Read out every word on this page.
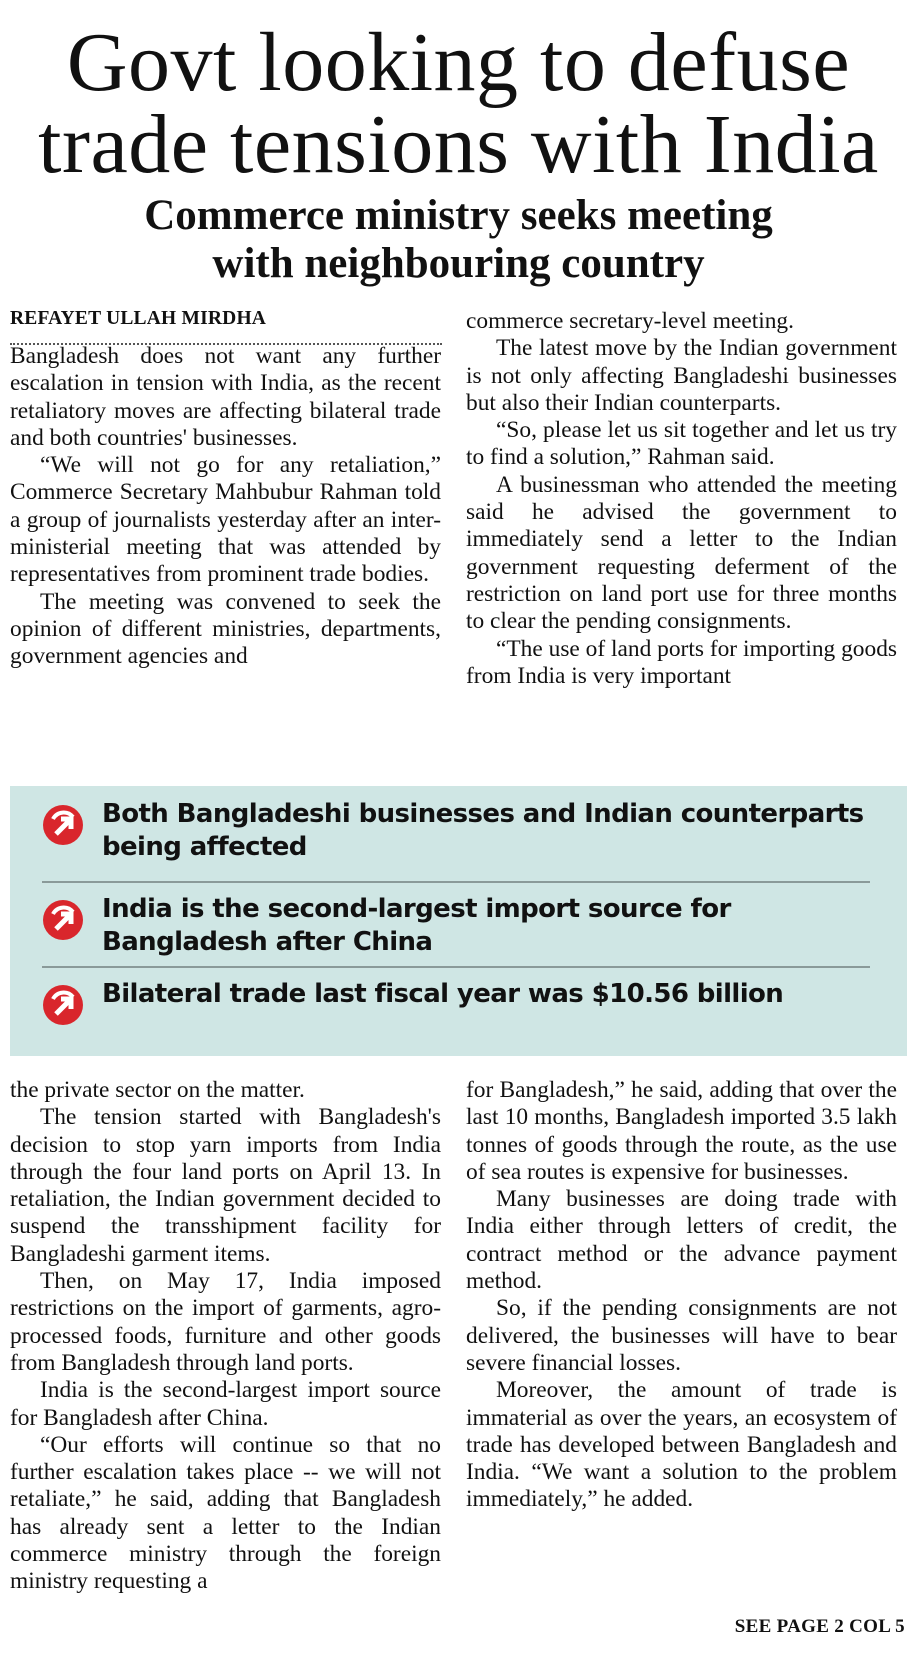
Govt looking to defuse
trade tensions with India
Commerce ministry seeks meeting
with neighbouring country
REFAYET ULLAH MIRDHA

Bangladesh does not want any further escalation in tension with India, as the recent retaliatory moves are affecting bilateral trade and both countries' businesses.

“We will not go for any retaliation,” Commerce Secretary Mahbubur Rahman told a group of journalists yesterday after an inter-ministerial meeting that was attended by representatives from prominent trade bodies.

The meeting was convened to seek the opinion of different ministries, departments, government agencies and

commerce secretary-level meeting.

The latest move by the Indian government is not only affecting Bangladeshi businesses but also their Indian counterparts.

“So, please let us sit together and let us try to find a solution,” Rahman said.

A businessman who attended the meeting said he advised the government to immediately send a letter to the Indian government requesting deferment of the restriction on land port use for three months to clear the pending consignments.

“The use of land ports for importing goods from India is very important

Both Bangladeshi businesses and Indian counterparts being affected
India is the second-largest import source for Bangladesh after China
Bilateral trade last fiscal year was $10.56 billion

the private sector on the matter.

The tension started with Bangladesh's decision to stop yarn imports from India through the four land ports on April 13. In retaliation, the Indian government decided to suspend the transshipment facility for Bangladeshi garment items.

Then, on May 17, India imposed restrictions on the import of garments, agro-processed foods, furniture and other goods from Bangladesh through land ports.

India is the second-largest import source for Bangladesh after China.

“Our efforts will continue so that no further escalation takes place -- we will not retaliate,” he said, adding that Bangladesh has already sent a letter to the Indian commerce ministry through the foreign ministry requesting a

for Bangladesh,” he said, adding that over the last 10 months, Bangladesh imported 3.5 lakh tonnes of goods through the route, as the use of sea routes is expensive for businesses.

Many businesses are doing trade with India either through letters of credit, the contract method or the advance payment method.

So, if the pending consignments are not delivered, the businesses will have to bear severe financial losses.

Moreover, the amount of trade is immaterial as over the years, an ecosystem of trade has developed between Bangladesh and India. “We want a solution to the problem immediately,” he added.

SEE PAGE 2 COL 5
